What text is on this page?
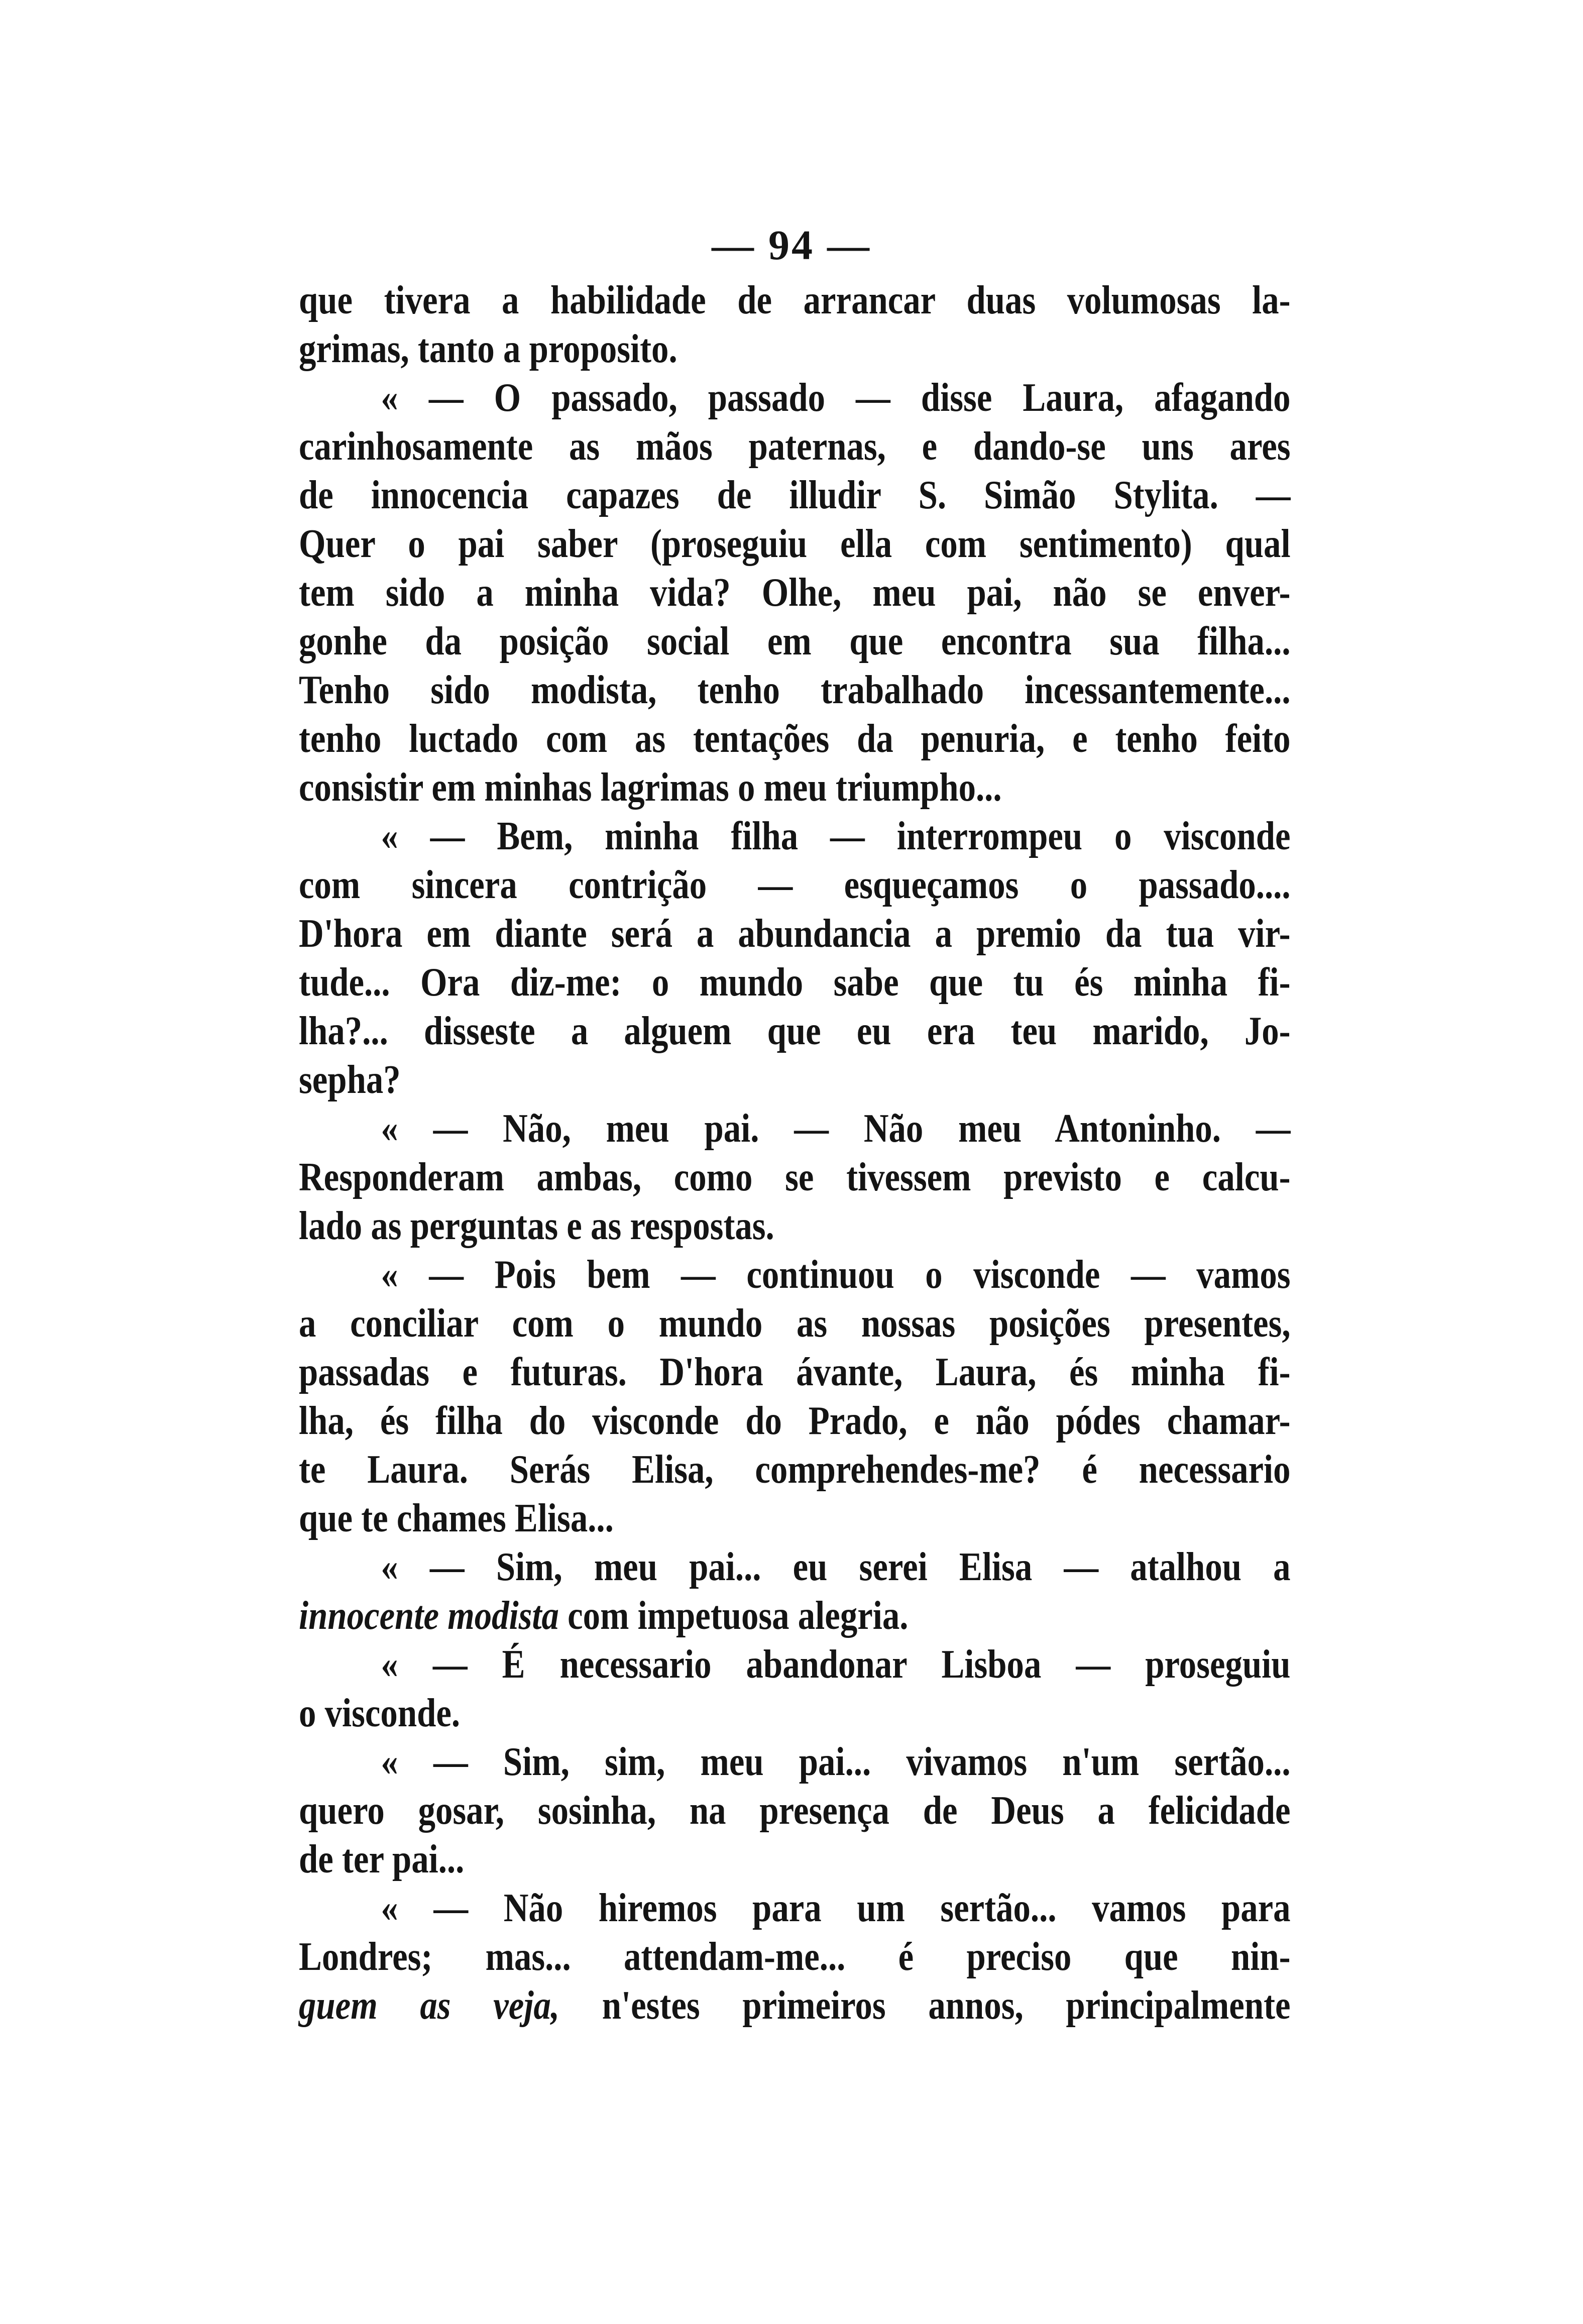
— 94 —
que tivera a habilidade de arrancar duas volumosas la-
grimas, tanto a proposito.
« — O passado, passado — disse Laura, afagando
carinhosamente as mãos paternas, e dando-se uns ares
de innocencia capazes de illudir S. Simão Stylita. —
Quer o pai saber (proseguiu ella com sentimento) qual
tem sido a minha vida? Olhe, meu pai, não se enver-
gonhe da posição social em que encontra sua filha...
Tenho sido modista, tenho trabalhado incessantemente...
tenho luctado com as tentações da penuria, e tenho feito
consistir em minhas lagrimas o meu triumpho...
« — Bem, minha filha — interrompeu o visconde
com sincera contrição — esqueçamos o passado....
D'hora em diante será a abundancia a premio da tua vir-
tude... Ora diz-me: o mundo sabe que tu és minha fi-
lha?... disseste a alguem que eu era teu marido, Jo-
sepha?
« — Não, meu pai. — Não meu Antoninho. —
Responderam ambas, como se tivessem previsto e calcu-
lado as perguntas e as respostas.
« — Pois bem — continuou o visconde — vamos
a conciliar com o mundo as nossas posições presentes,
passadas e futuras. D'hora ávante, Laura, és minha fi-
lha, és filha do visconde do Prado, e não pódes chamar-
te Laura. Serás Elisa, comprehendes-me? é necessario
que te chames Elisa...
« — Sim, meu pai... eu serei Elisa — atalhou a
innocente modista com impetuosa alegria.
« — É necessario abandonar Lisboa — proseguiu
o visconde.
« — Sim, sim, meu pai... vivamos n'um sertão...
quero gosar, sosinha, na presença de Deus a felicidade
de ter pai...
« — Não hiremos para um sertão... vamos para
Londres; mas... attendam-me... é preciso que nin-
guem as veja, n'estes primeiros annos, principalmente
